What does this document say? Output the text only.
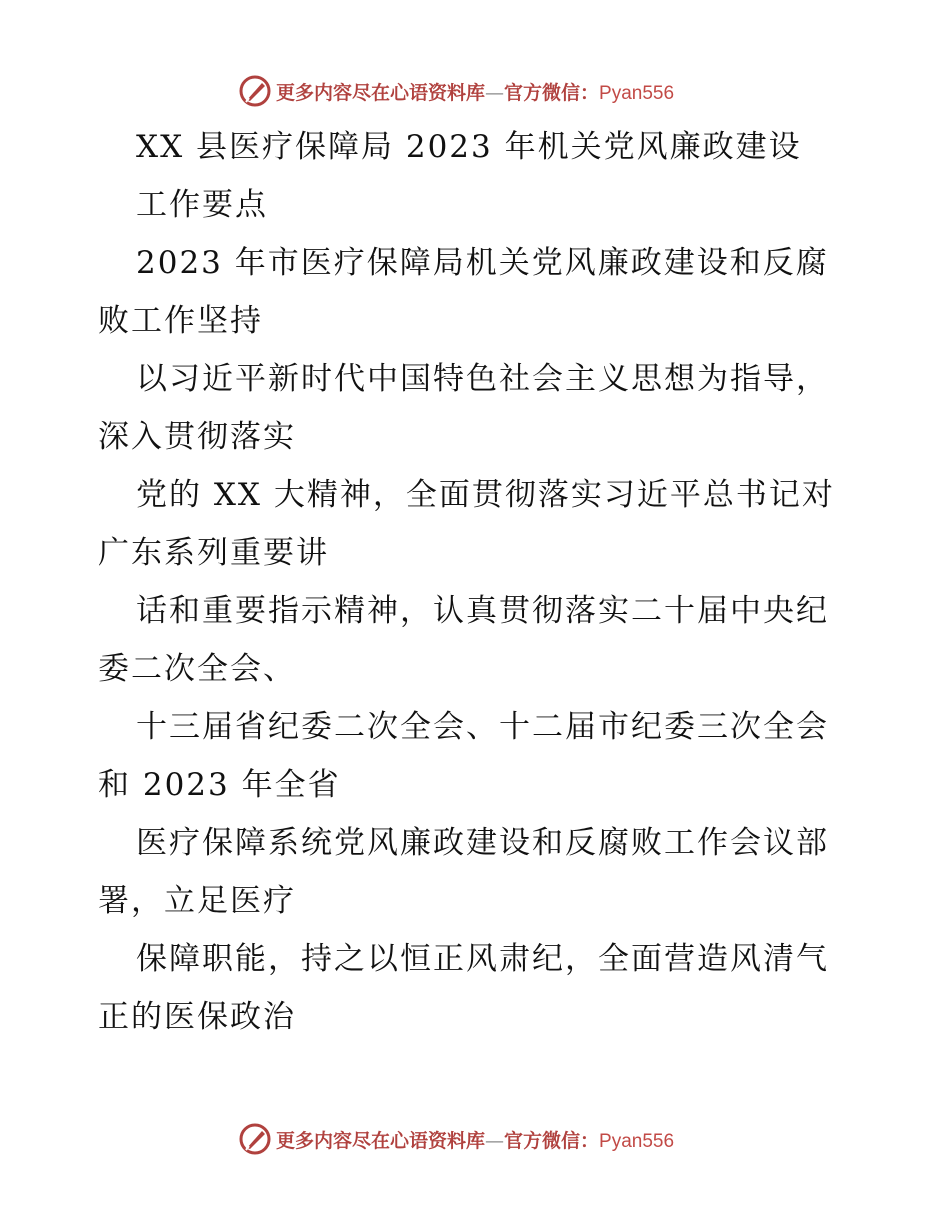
更多内容尽在心语资料库—官方微信：Pyan556
XX 县医疗保障局 2023 年机关党风廉政建设
工作要点
2023 年市医疗保障局机关党风廉政建设和反腐
败工作坚持
以习近平新时代中国特色社会主义思想为指导，
深入贯彻落实
党的 XX 大精神，全面贯彻落实习近平总书记对
广东系列重要讲
话和重要指示精神，认真贯彻落实二十届中央纪
委二次全会、
十三届省纪委二次全会、十二届市纪委三次全会
和 2023 年全省
医疗保障系统党风廉政建设和反腐败工作会议部
署，立足医疗
保障职能，持之以恒正风肃纪，全面营造风清气
正的医保政治
更多内容尽在心语资料库—官方微信：Pyan556
